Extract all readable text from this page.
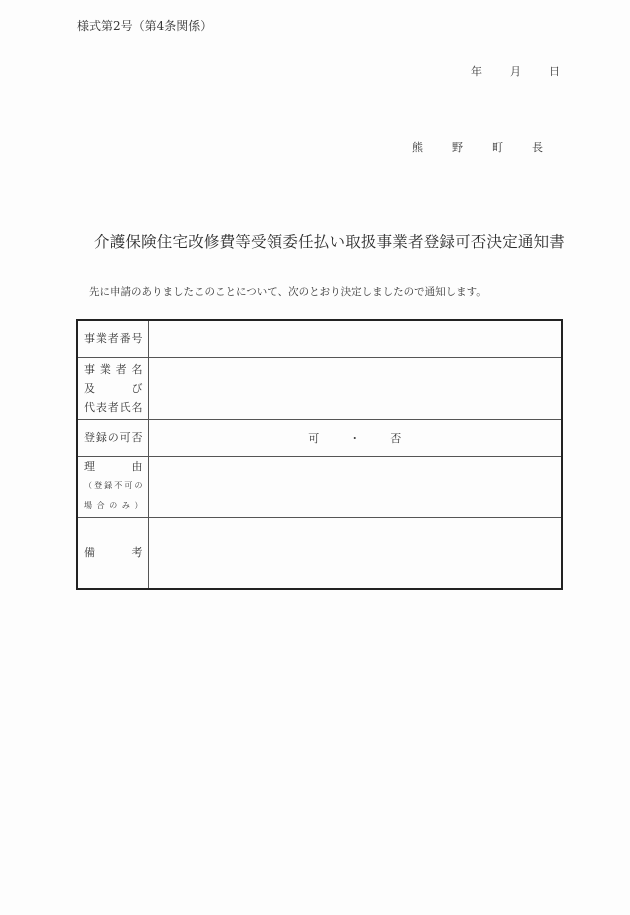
様式第2号（第4条関係）
年	月	日
熊	野	町	長
介護保険住宅改修費等受領委任払い取扱事業者登録可否決定通知書
先に申請のありましたこのことについて、次のとおり決定しましたので通知します。
事 業 者 番 号	

事 業 者 名
及	び
代 表 者 氏 名

登 録 の 可 否	可 ・ 否

理	由
（ 登 録 不 可 の
場 合 の み ）

備 考	
